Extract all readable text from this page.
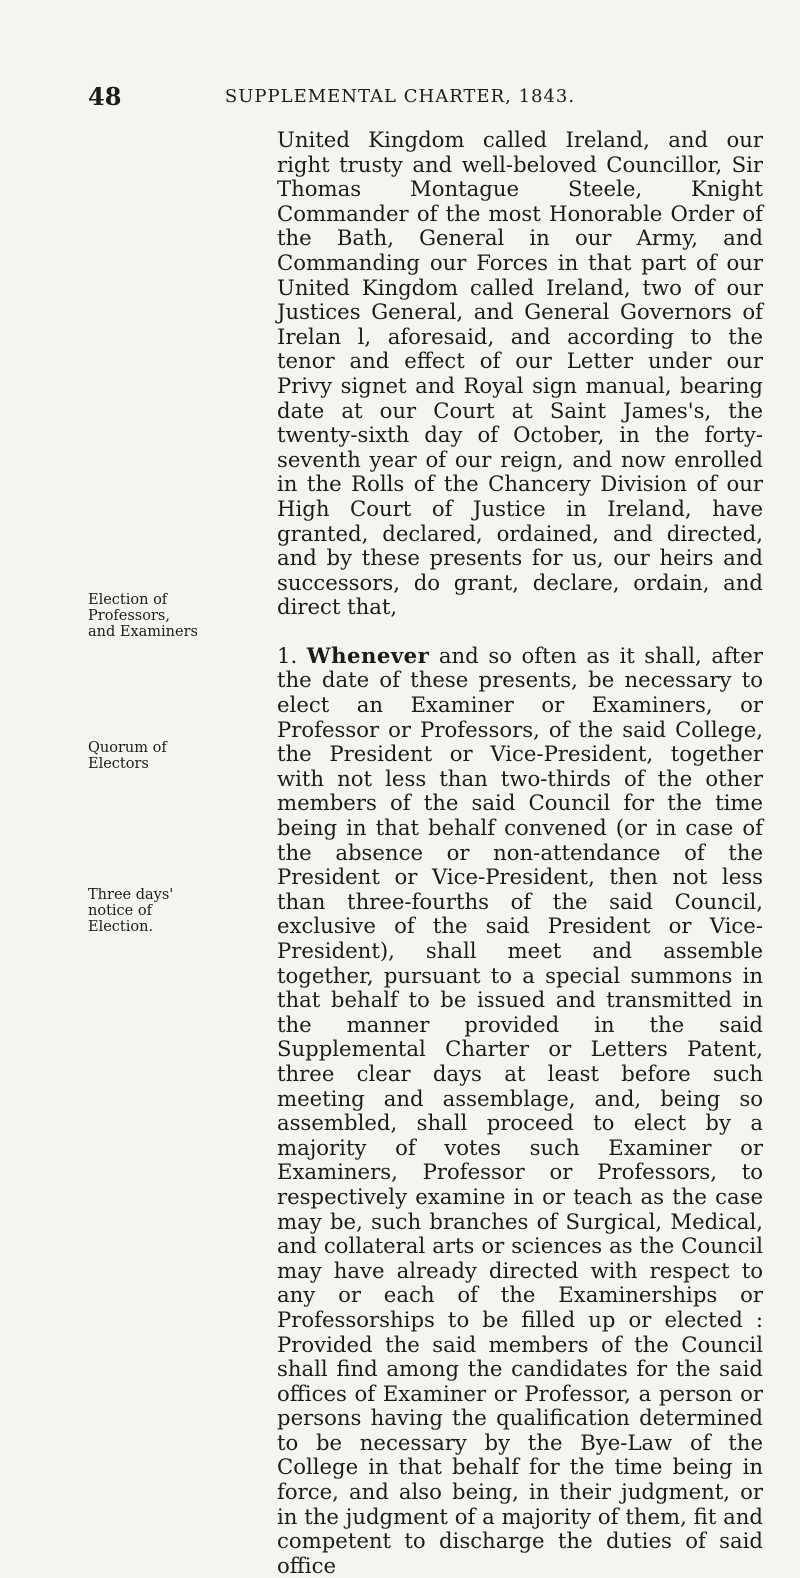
48	SUPPLEMENTAL CHARTER, 1843.
Election of Professors, and Examiners
Quorum of Electors
Three days' notice of Election.

United Kingdom called Ireland, and our right trusty and well-beloved Councillor, Sir Thomas Montague Steele, Knight Commander of the most Honorable Order of the Bath, General in our Army, and Commanding our Forces in that part of our United Kingdom called Ireland, two of our Justices General, and General Governors of Irelan l, aforesaid, and according to the tenor and effect of our Letter under our Privy signet and Royal sign manual, bearing date at our Court at Saint James's, the twenty-sixth day of October, in the forty-seventh year of our reign, and now enrolled in the Rolls of the Chancery Division of our High Court of Justice in Ireland, have granted, declared, ordained, and directed, and by these presents for us, our heirs and successors, do grant, declare, ordain, and direct that,

1. Whenever and so often as it shall, after the date of these presents, be necessary to elect an Examiner or Examiners, or Professor or Professors, of the said College, the President or Vice-President, together with not less than two-thirds of the other members of the said Council for the time being in that behalf convened (or in case of the absence or non-attendance of the President or Vice-President, then not less than three-fourths of the said Council, exclusive of the said President or Vice-President), shall meet and assemble together, pursuant to a special summons in that behalf to be issued and transmitted in the manner provided in the said Supplemental Charter or Letters Patent, three clear days at least before such meeting and assemblage, and, being so assembled, shall proceed to elect by a majority of votes such Examiner or Examiners, Professor or Professors, to respectively examine in or teach as the case may be, such branches of Surgical, Medical, and collateral arts or sciences as the Council may have already directed with respect to any or each of the Examinerships or Professorships to be filled up or elected : Provided the said members of the Council shall find among the candidates for the said offices of Examiner or Professor, a person or persons having the qualification determined to be necessary by the Bye-Law of the College in that behalf for the time being in force, and also being, in their judgment, or in the judgment of a majority of them, fit and competent to discharge the duties of said office
